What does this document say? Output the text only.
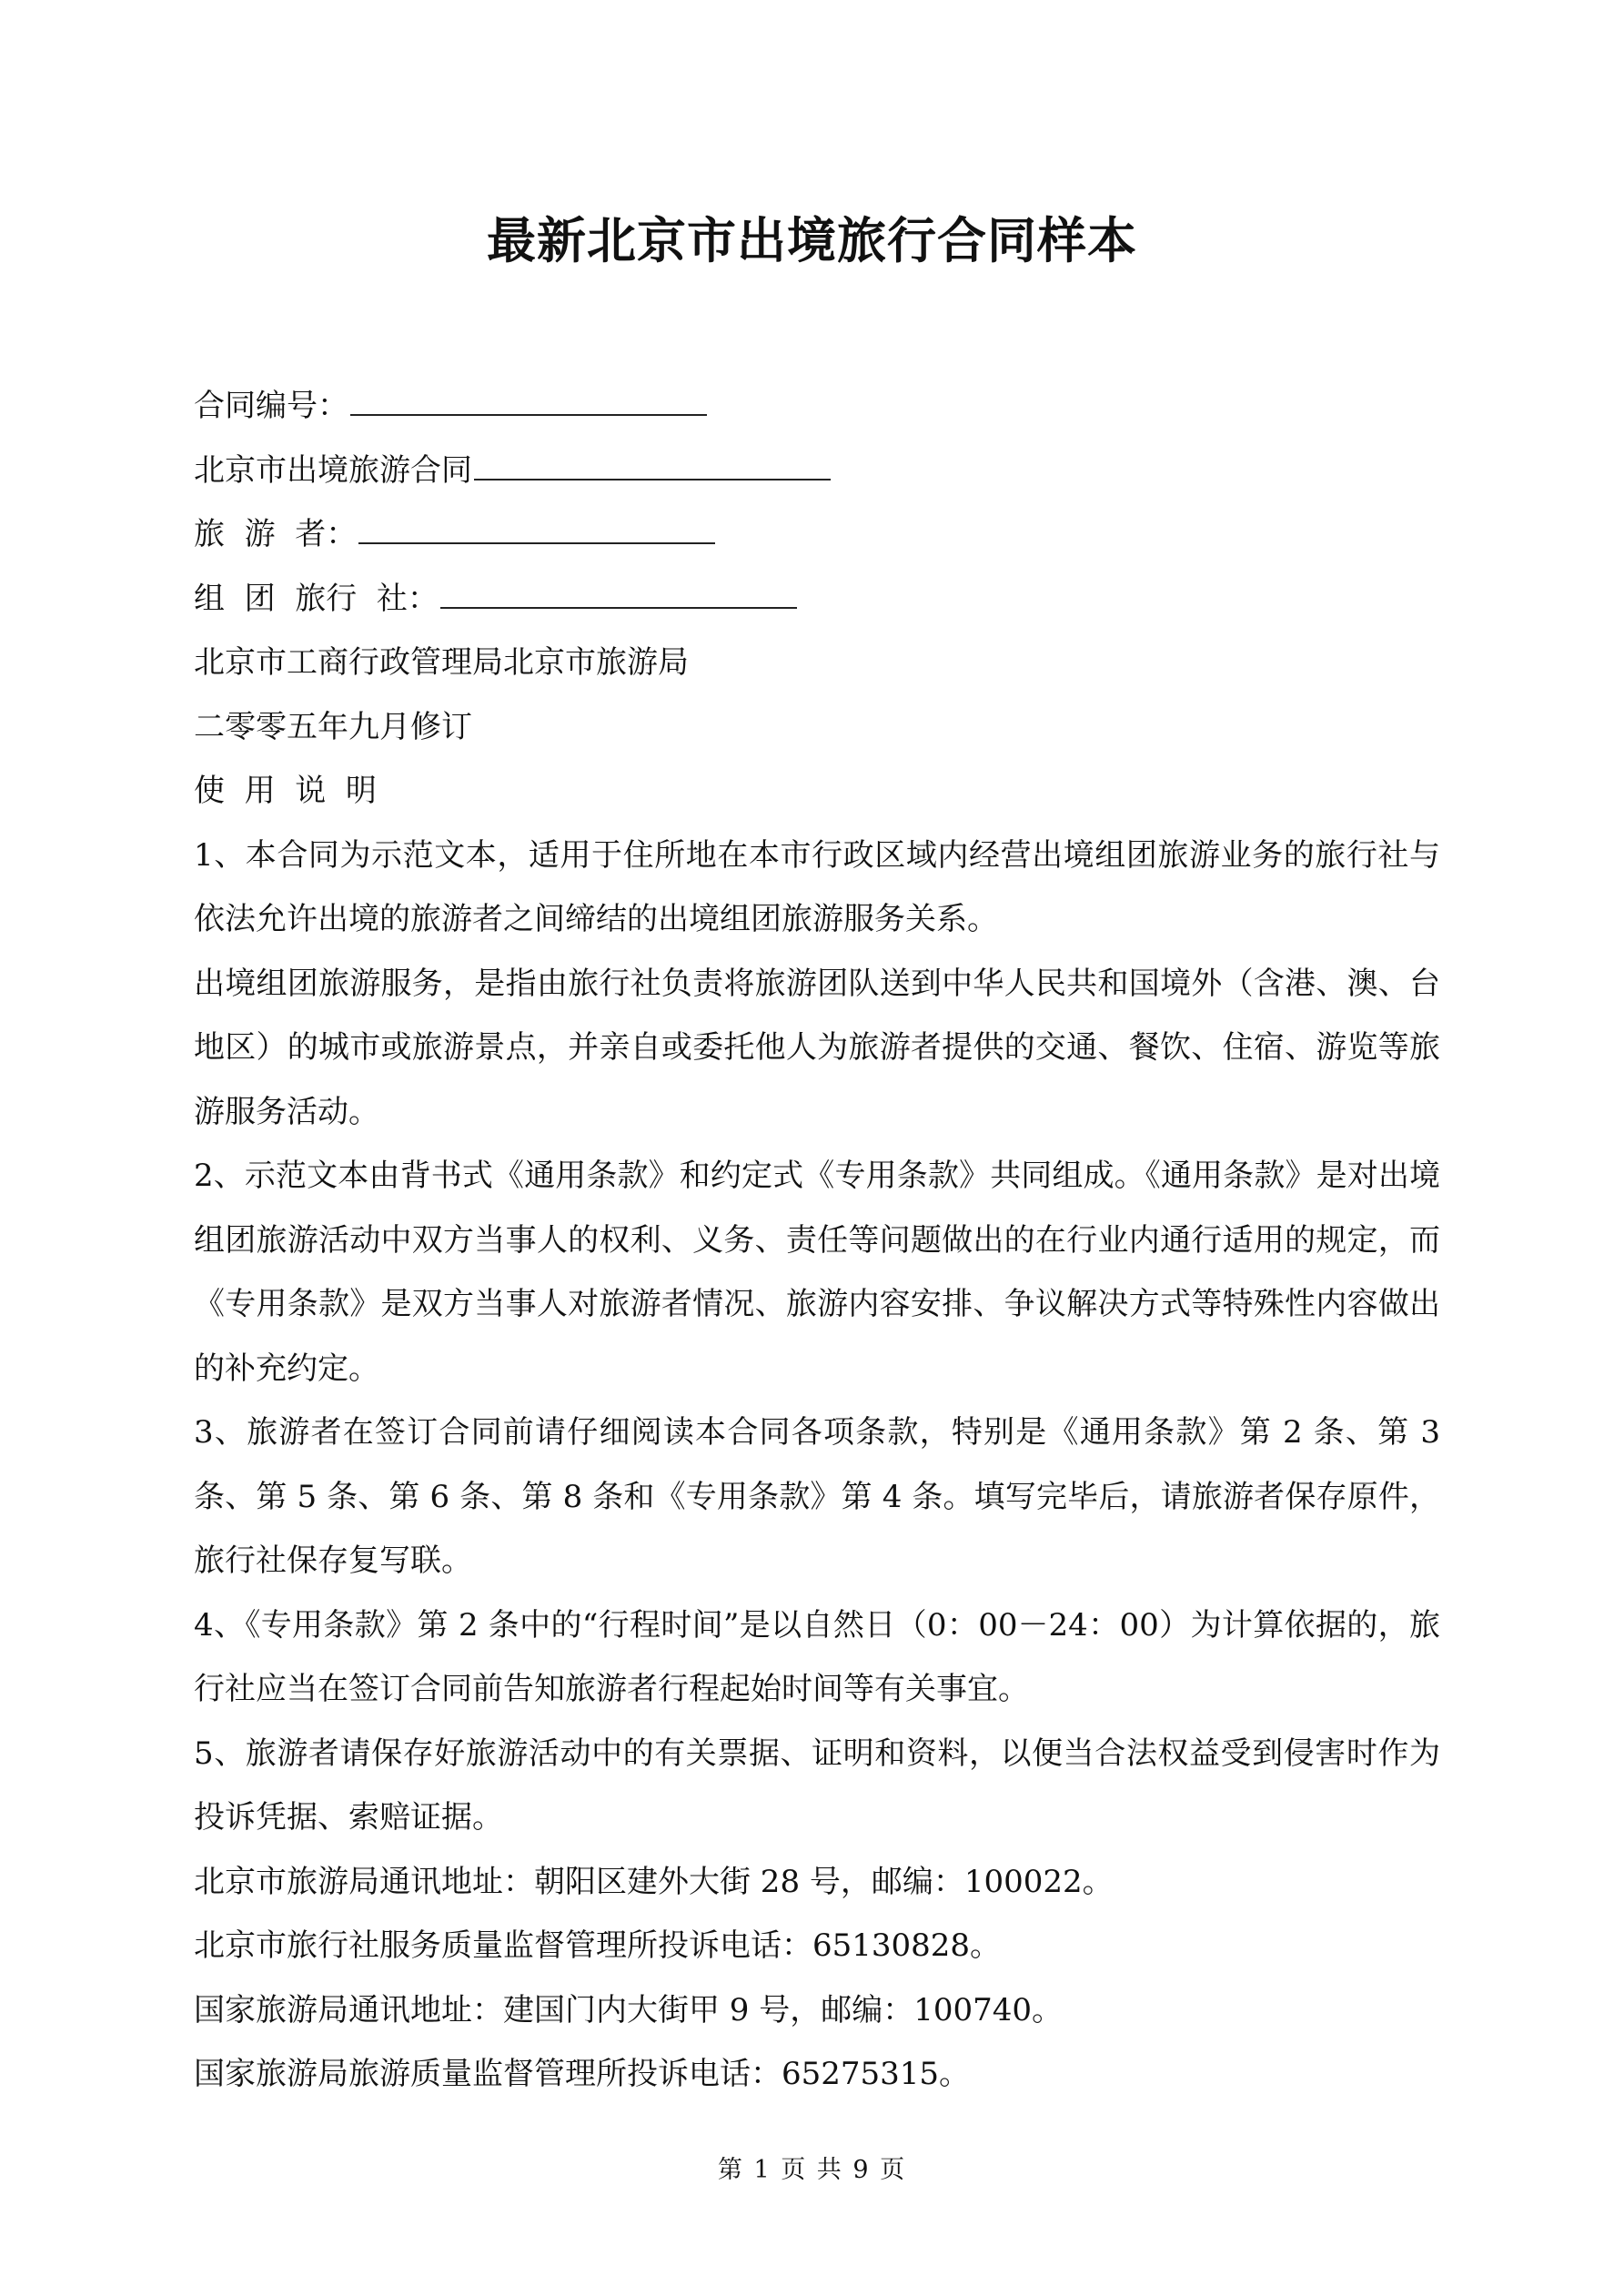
最新北京市出境旅行合同样本

合同编号：

北京市出境旅游合同

旅  游  者：

组  团  旅行  社：

北京市工商行政管理局北京市旅游局

二零零五年九月修订

使  用  说  明

1、本合同为示范文本，适用于住所地在本市行政区域内经营出境组团旅游业务的旅行社与依法允许出境的旅游者之间缔结的出境组团旅游服务关系。

出境组团旅游服务，是指由旅行社负责将旅游团队送到中华人民共和国境外（含港、澳、台地区）的城市或旅游景点，并亲自或委托他人为旅游者提供的交通、餐饮、住宿、游览等旅游服务活动。

2、示范文本由背书式《通用条款》和约定式《专用条款》共同组成。《通用条款》是对出境组团旅游活动中双方当事人的权利、义务、责任等问题做出的在行业内通行适用的规定，而《专用条款》是双方当事人对旅游者情况、旅游内容安排、争议解决方式等特殊性内容做出的补充约定。

3、旅游者在签订合同前请仔细阅读本合同各项条款，特别是《通用条款》第 2 条、第 3 条、第 5 条、第 6 条、第 8 条和《专用条款》第 4 条。填写完毕后，请旅游者保存原件，旅行社保存复写联。

4、《专用条款》第 2 条中的“行程时间”是以自然日（0：00－24：00）为计算依据的，旅行社应当在签订合同前告知旅游者行程起始时间等有关事宜。

5、旅游者请保存好旅游活动中的有关票据、证明和资料，以便当合法权益受到侵害时作为投诉凭据、索赔证据。

北京市旅游局通讯地址：朝阳区建外大街 28 号，邮编：100022。

北京市旅行社服务质量监督管理所投诉电话：65130828。

国家旅游局通讯地址：建国门内大街甲 9 号，邮编：100740。

国家旅游局旅游质量监督管理所投诉电话：65275315。

第 1 页 共 9 页
